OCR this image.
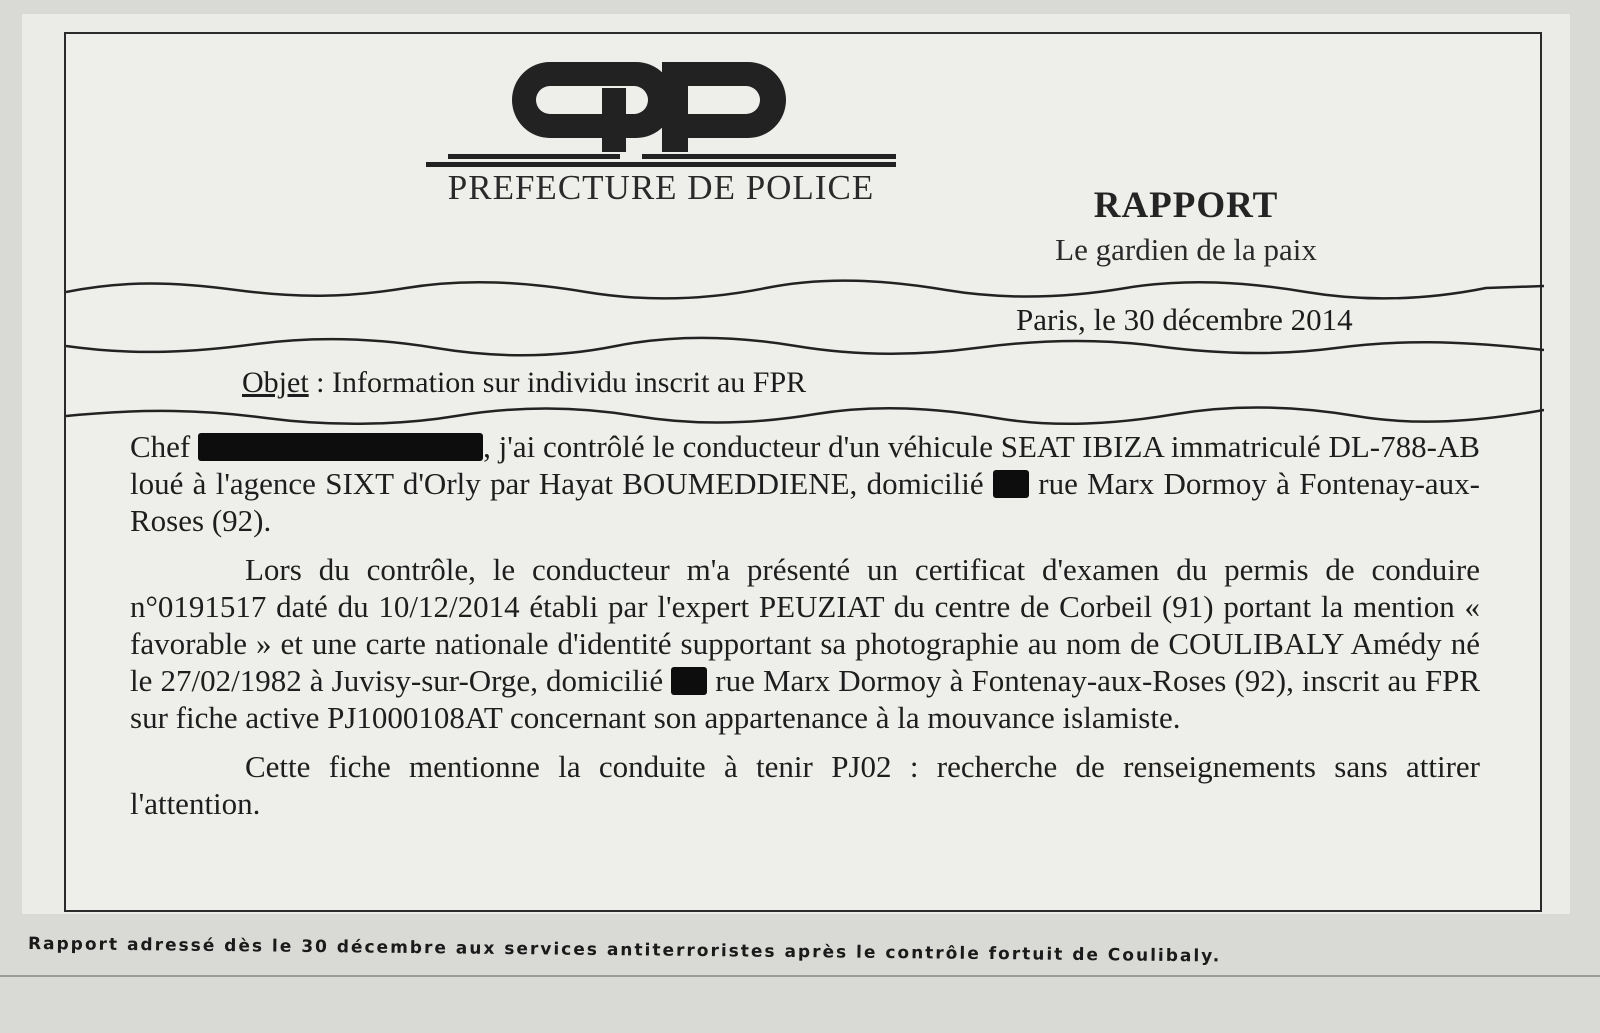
PREFECTURE DE POLICE	RAPPORT
Le gardien de la paix
Paris, le 30 décembre 2014
Objet : Information sur individu inscrit au FPR

Chef	, j'ai contrôlé le conducteur d'un véhicule SEAT IBIZA immatriculé DL-788-AB loué à l'agence SIXT d'Orly par Hayat BOUMEDDIENE, domicilié  rue Marx Dormoy à Fontenay-aux-Roses (92).

Lors du contrôle, le conducteur m'a présenté un certificat d'examen du permis de conduire n°0191517 daté du 10/12/2014 établi par l'expert PEUZIAT du centre de Corbeil (91) portant la mention « favorable » et une carte nationale d'identité supportant sa photographie au nom de COULIBALY Amédy né le 27/02/1982 à Juvisy-sur-Orge, domicilié  rue Marx Dormoy à Fontenay-aux-Roses (92), inscrit au FPR sur fiche active PJ1000108AT concernant son appartenance à la mouvance islamiste.

Cette fiche mentionne la conduite à tenir PJ02 : recherche de renseignements sans attirer l'attention.

Rapport adressé dès le 30 décembre aux services antiterroristes après le contrôle fortuit de Coulibaly.
